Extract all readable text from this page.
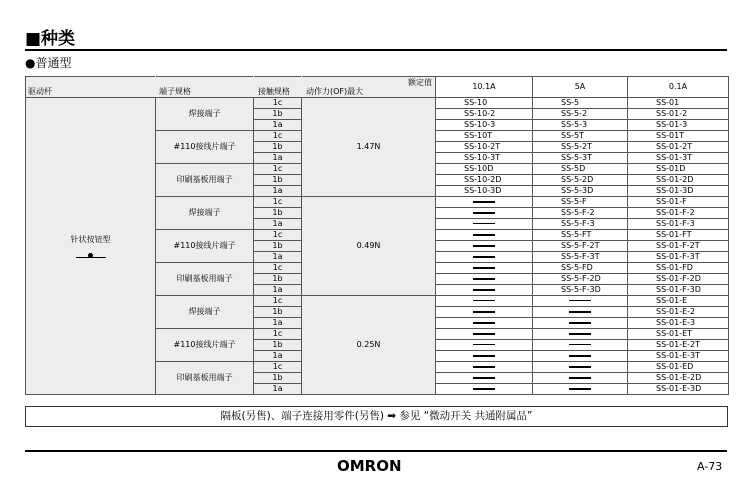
■种类
●普通型
驱动杆	端子规格	接触规格	动作力(OF)最大
额定值	10.1A	5A	0.1A
针状按钮型	焊接端子	1c	1.47N	SS-10	SS-5	SS-01
		1b		SS-10-2	SS-5-2	SS-01-2
		1a		SS-10-3	SS-5-3	SS-01-3
	#110接线片端子	1c		SS-10T	SS-5T	SS-01T
		1b		SS-10-2T	SS-5-2T	SS-01-2T
		1a		SS-10-3T	SS-5-3T	SS-01-3T
	印刷基板用端子	1c		SS-10D	SS-5D	SS-01D
		1b		SS-10-2D	SS-5-2D	SS-01-2D
		1a		SS-10-3D	SS-5-3D	SS-01-3D
	焊接端子	1c	0.49N		SS-5-F	SS-01-F
		1b			SS-5-F-2	SS-01-F-2
		1a			SS-5-F-3	SS-01-F-3
	#110接线片端子	1c			SS-5-FT	SS-01-FT
		1b			SS-5-F-2T	SS-01-F-2T
		1a			SS-5-F-3T	SS-01-F-3T
	印刷基板用端子	1c			SS-5-FD	SS-01-FD
		1b			SS-5-F-2D	SS-01-F-2D
		1a			SS-5-F-3D	SS-01-F-3D
	焊接端子	1c	0.25N			SS-01-E
		1b				SS-01-E-2
		1a				SS-01-E-3
	#110接线片端子	1c				SS-01-ET
		1b				SS-01-E-2T
		1a				SS-01-E-3T
	印刷基板用端子	1c				SS-01-ED
		1b				SS-01-E-2D
		1a				SS-01-E-3D
隔板(另售)、端子连接用零件(另售) ➡ 参见 “微动开关 共通附属品”
OMRON	A-73
